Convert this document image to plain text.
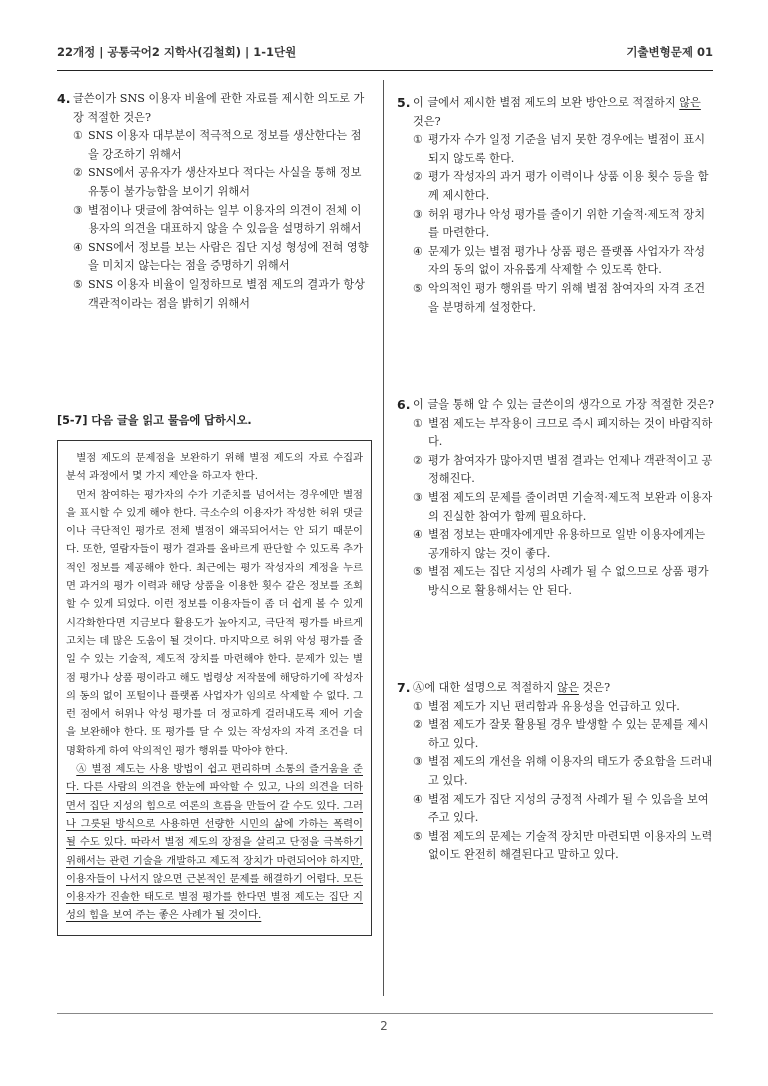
22개정 | 공통국어2 지학사(김철회) | 1-1단원	기출변형문제 01
4. 글쓴이가 SNS 이용자 비율에 관한 자료를 제시한 의도로 가장 적절한 것은?
① SNS 이용자 대부분이 적극적으로 정보를 생산한다는 점을 강조하기 위해서
② SNS에서 공유자가 생산자보다 적다는 사실을 통해 정보 유통이 불가능함을 보이기 위해서
③ 별점이나 댓글에 참여하는 일부 이용자의 의견이 전체 이용자의 의견을 대표하지 않을 수 있음을 설명하기 위해서
④ SNS에서 정보를 보는 사람은 집단 지성 형성에 전혀 영향을 미치지 않는다는 점을 증명하기 위해서
⑤ SNS 이용자 비율이 일정하므로 별점 제도의 결과가 항상 객관적이라는 점을 밝히기 위해서
[5-7] 다음 글을 읽고 물음에 답하시오.

별점 제도의 문제점을 보완하기 위해 별점 제도의 자료 수집과 분석 과정에서 몇 가지 제안을 하고자 한다.

먼저 참여하는 평가자의 수가 기준치를 넘어서는 경우에만 별점을 표시할 수 있게 해야 한다. 극소수의 이용자가 작성한 허위 댓글이나 극단적인 평가로 전체 별점이 왜곡되어서는 안 되기 때문이다. 또한, 열람자들이 평가 결과를 올바르게 판단할 수 있도록 추가적인 정보를 제공해야 한다. 최근에는 평가 작성자의 계정을 누르면 과거의 평가 이력과 해당 상품을 이용한 횟수 같은 정보를 조회할 수 있게 되었다. 이런 정보를 이용자들이 좀 더 쉽게 볼 수 있게 시각화한다면 지금보다 활용도가 높아지고, 극단적 평가를 바르게 고치는 데 많은 도움이 될 것이다. 마지막으로 허위 악성 평가를 줄일 수 있는 기술적, 제도적 장치를 마련해야 한다. 문제가 있는 별점 평가나 상품 평이라고 해도 법령상 저작물에 해당하기에 작성자의 동의 없이 포털이나 플랫폼 사업자가 임의로 삭제할 수 없다. 그런 점에서 허위나 악성 평가를 더 정교하게 걸러내도록 제어 기술을 보완해야 한다. 또 평가를 달 수 있는 작성자의 자격 조건을 더 명확하게 하여 악의적인 평가 행위를 막아야 한다.

Ⓐ 별점 제도는 사용 방법이 쉽고 편리하며 소통의 즐거움을 준다. 다른 사람의 의견을 한눈에 파악할 수 있고, 나의 의견을 더하면서 집단 지성의 힘으로 여론의 흐름을 만들어 갈 수도 있다. 그러나 그릇된 방식으로 사용하면 선량한 시민의 삶에 가하는 폭력이 될 수도 있다. 따라서 별점 제도의 장점을 살리고 단점을 극복하기 위해서는 관련 기술을 개발하고 제도적 장치가 마련되어야 하지만, 이용자들이 나서지 않으면 근본적인 문제를 해결하기 어렵다. 모든 이용자가 진솔한 태도로 별점 평가를 한다면 별점 제도는 집단 지성의 힘을 보여 주는 좋은 사례가 될 것이다.

5. 이 글에서 제시한 별점 제도의 보완 방안으로 적절하지 않은 것은?
① 평가자 수가 일정 기준을 넘지 못한 경우에는 별점이 표시되지 않도록 한다.
② 평가 작성자의 과거 평가 이력이나 상품 이용 횟수 등을 함께 제시한다.
③ 허위 평가나 악성 평가를 줄이기 위한 기술적·제도적 장치를 마련한다.
④ 문제가 있는 별점 평가나 상품 평은 플랫폼 사업자가 작성자의 동의 없이 자유롭게 삭제할 수 있도록 한다.
⑤ 악의적인 평가 행위를 막기 위해 별점 참여자의 자격 조건을 분명하게 설정한다.
6. 이 글을 통해 알 수 있는 글쓴이의 생각으로 가장 적절한 것은?
① 별점 제도는 부작용이 크므로 즉시 폐지하는 것이 바람직하다.
② 평가 참여자가 많아지면 별점 결과는 언제나 객관적이고 공정해진다.
③ 별점 제도의 문제를 줄이려면 기술적·제도적 보완과 이용자의 진실한 참여가 함께 필요하다.
④ 별점 정보는 판매자에게만 유용하므로 일반 이용자에게는 공개하지 않는 것이 좋다.
⑤ 별점 제도는 집단 지성의 사례가 될 수 없으므로 상품 평가 방식으로 활용해서는 안 된다.
7. Ⓐ에 대한 설명으로 적절하지 않은 것은?
① 별점 제도가 지닌 편리함과 유용성을 언급하고 있다.
② 별점 제도가 잘못 활용될 경우 발생할 수 있는 문제를 제시하고 있다.
③ 별점 제도의 개선을 위해 이용자의 태도가 중요함을 드러내고 있다.
④ 별점 제도가 집단 지성의 긍정적 사례가 될 수 있음을 보여 주고 있다.
⑤ 별점 제도의 문제는 기술적 장치만 마련되면 이용자의 노력 없이도 완전히 해결된다고 말하고 있다.
2
